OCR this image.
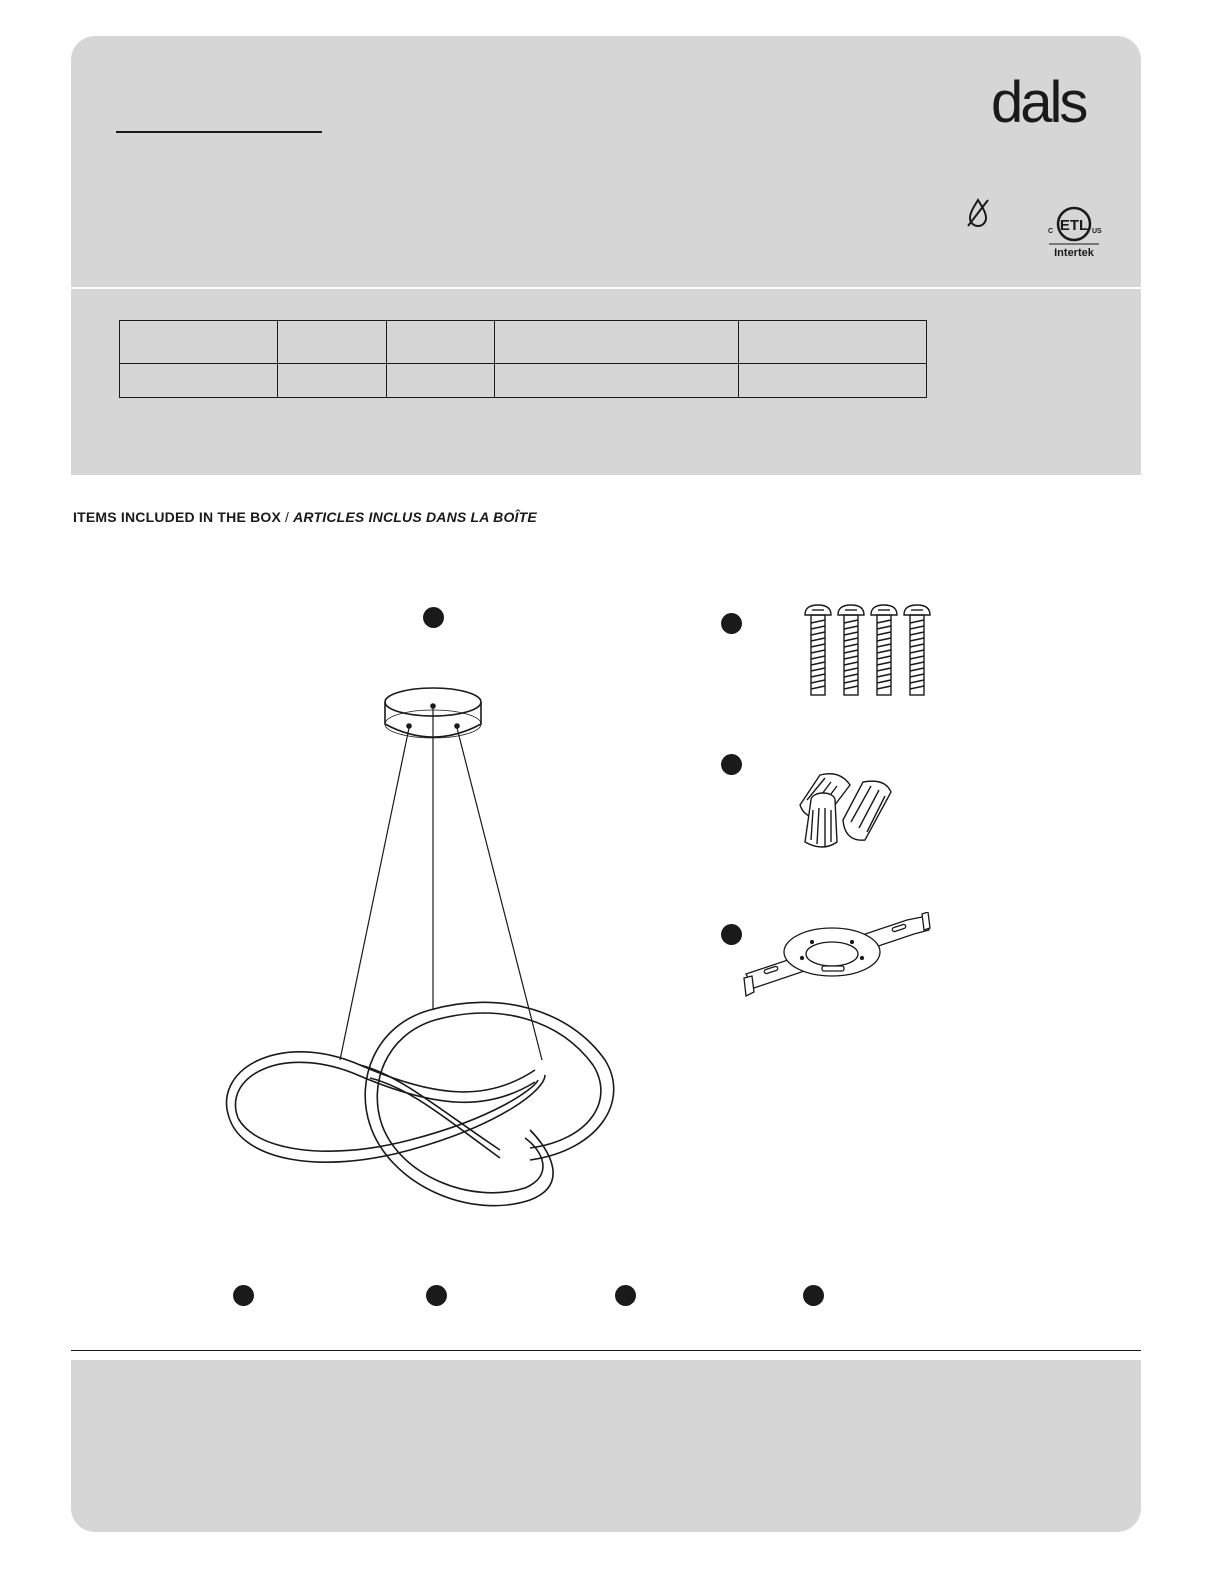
dals
ETL
C	US
Intertek

ITEMS INCLUDED IN THE BOX / ARTICLES INCLUS DANS LA BOÎTE
